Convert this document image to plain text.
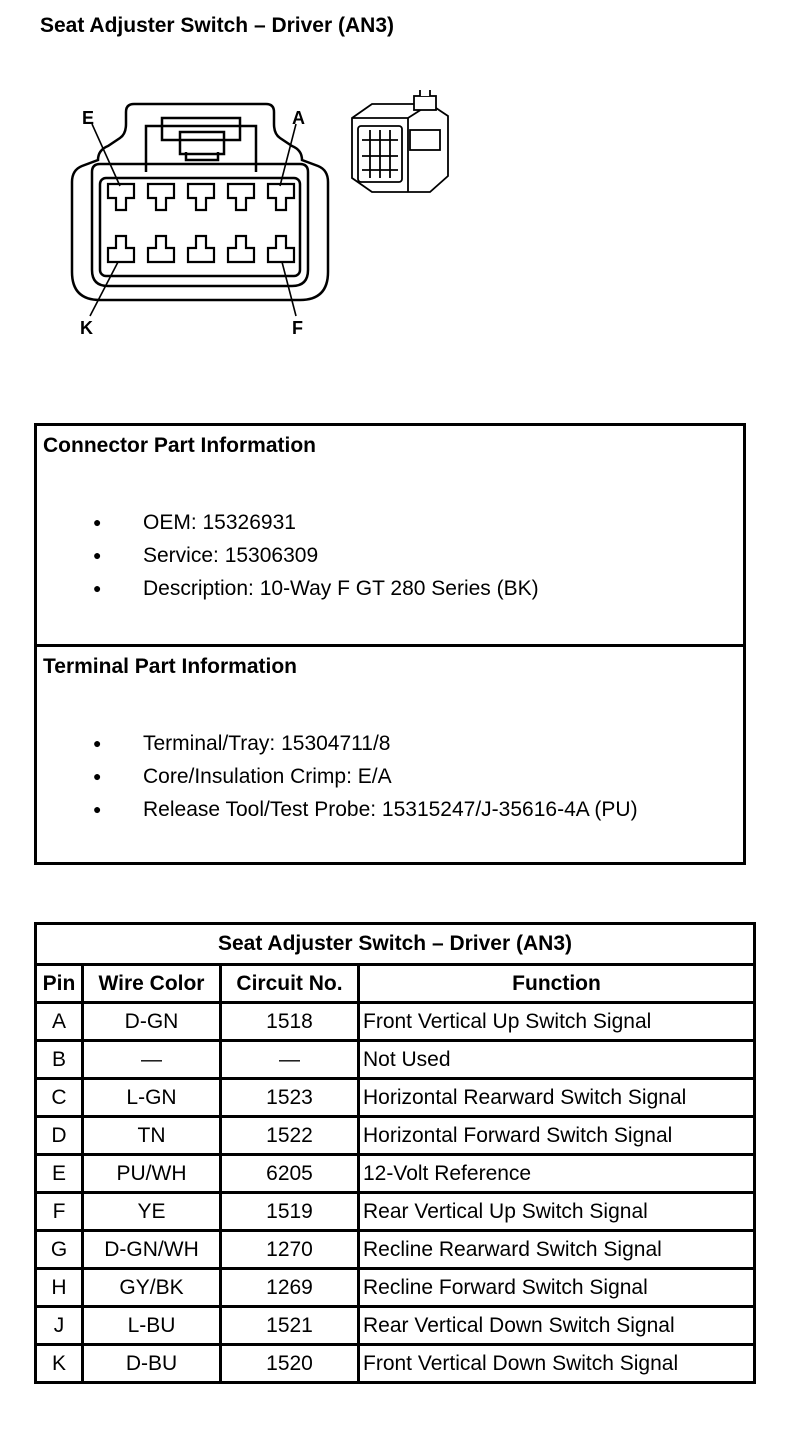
Seat Adjuster Switch – Driver (AN3)
E	A
K	F
Connector Part Information
● OEM: 15326931
● Service: 15306309
● Description: 10-Way F GT 280 Series (BK)
Terminal Part Information
● Terminal/Tray: 15304711/8
● Core/Insulation Crimp: E/A
● Release Tool/Test Probe: 15315247/J-35616-4A (PU)
Seat Adjuster Switch – Driver (AN3)			
Pin	Wire Color	Circuit No.	Function
A	D-GN	1518	Front Vertical Up Switch Signal
B	—	—	Not Used
C	L-GN	1523	Horizontal Rearward Switch Signal
D	TN	1522	Horizontal Forward Switch Signal
E	PU/WH	6205	12-Volt Reference
F	YE	1519	Rear Vertical Up Switch Signal
G	D-GN/WH	1270	Recline Rearward Switch Signal
H	GY/BK	1269	Recline Forward Switch Signal
J	L-BU	1521	Rear Vertical Down Switch Signal
K	D-BU	1520	Front Vertical Down Switch Signal
